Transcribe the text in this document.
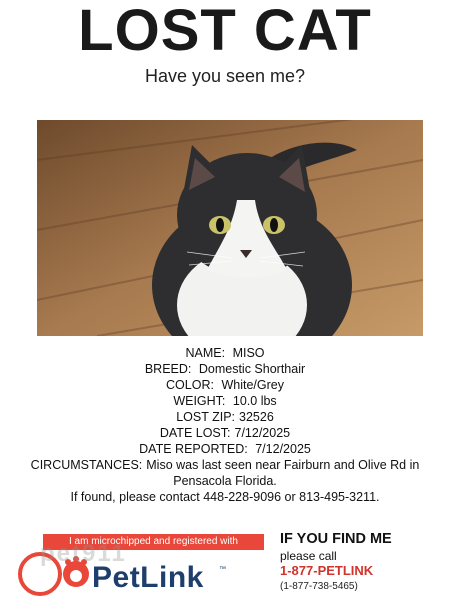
LOST CAT
Have you seen me?
NAME: MISO
BREED: Domestic Shorthair
COLOR: White/Grey
WEIGHT: 10.0 lbs
LOST ZIP: 32526
DATE LOST: 7/12/2025
DATE REPORTED: 7/12/2025
CIRCUMSTANCES: Miso was last seen near Fairburn and Olive Rd in Pensacola Florida.
If found, please contact 448-228-9096 or 813-495-3211.
I am microchipped and registered with
PetLink ™
pet911
IF YOU FIND ME
please call
1-877-PETLINK
(1-877-738-5465)
